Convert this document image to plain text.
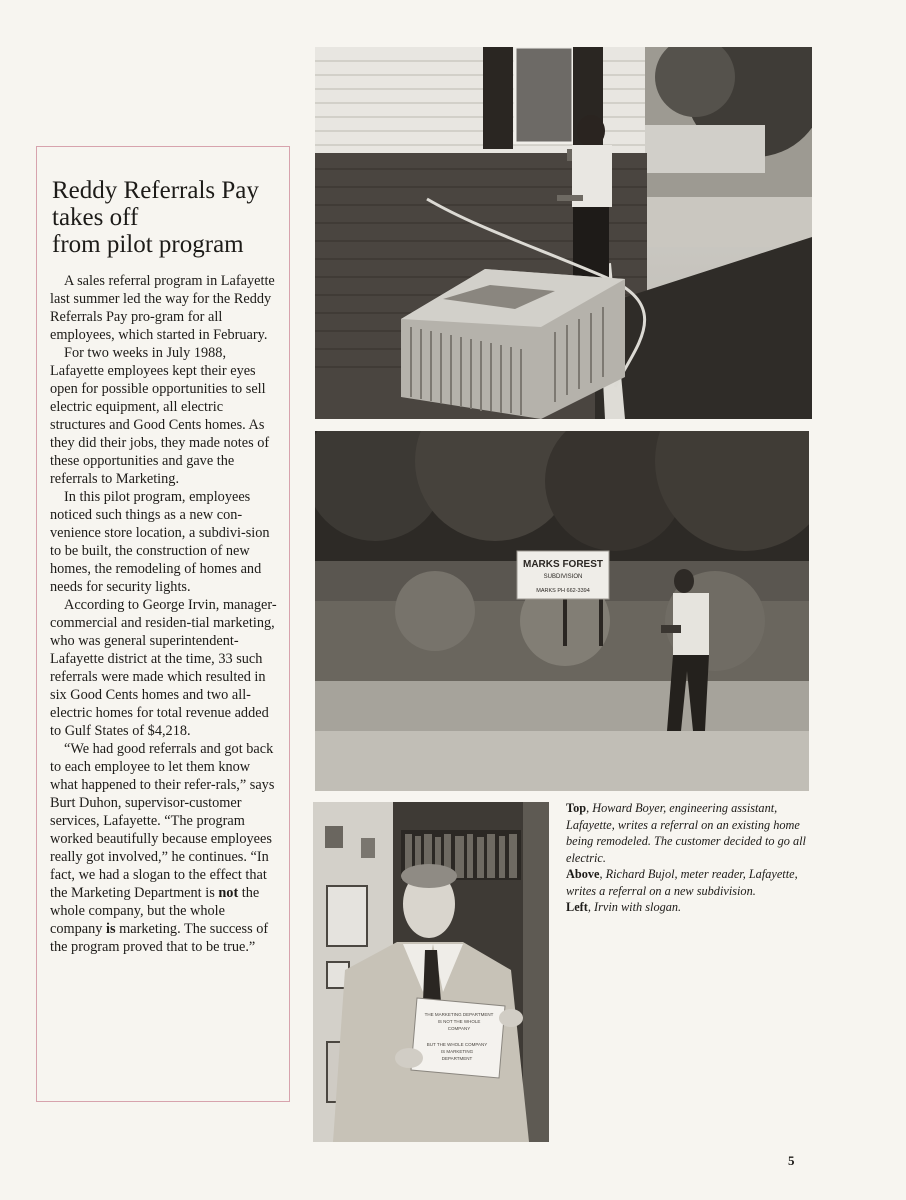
Reddy Referrals Pay
takes off
from pilot program

A sales referral program in Lafayette last summer led the way for the Reddy Referrals Pay pro-gram for all employees, which started in February.

For two weeks in July 1988, Lafayette employees kept their eyes open for possible opportunities to sell electric equipment, all electric structures and Good Cents homes. As they did their jobs, they made notes of these opportunities and gave the referrals to Marketing.

In this pilot program, employees noticed such things as a new con-venience store location, a subdivi-sion to be built, the construction of new homes, the remodeling of homes and needs for security lights.

According to George Irvin, manager-commercial and residen-tial marketing, who was general superintendent-Lafayette district at the time, 33 such referrals were made which resulted in six Good Cents homes and two all-electric homes for total revenue added to Gulf States of $4,218.

“We had good referrals and got back to each employee to let them know what happened to their refer-rals,” says Burt Duhon, supervisor-customer services, Lafayette. “The program worked beautifully because employees really got involved,” he continues. “In fact, we had a slogan to the effect that the Marketing Department is not the whole company, but the whole company is marketing. The success of the program proved that to be true.”

MARKS FOREST
SUBDIVISION
MARKS PH 662-3394
THE MARKETING DEPARTMENT
IS NOT THE WHOLE
COMPANY
BUT THE WHOLE COMPANY
IS MARKETING
DEPARTMENT
Top, Howard Boyer, engineering assistant, Lafayette, writes a referral on an existing home being remodeled. The customer decided to go all electric.
Above, Richard Bujol, meter reader, Lafayette, writes a referral on a new subdivision.
Left, Irvin with slogan.
5
